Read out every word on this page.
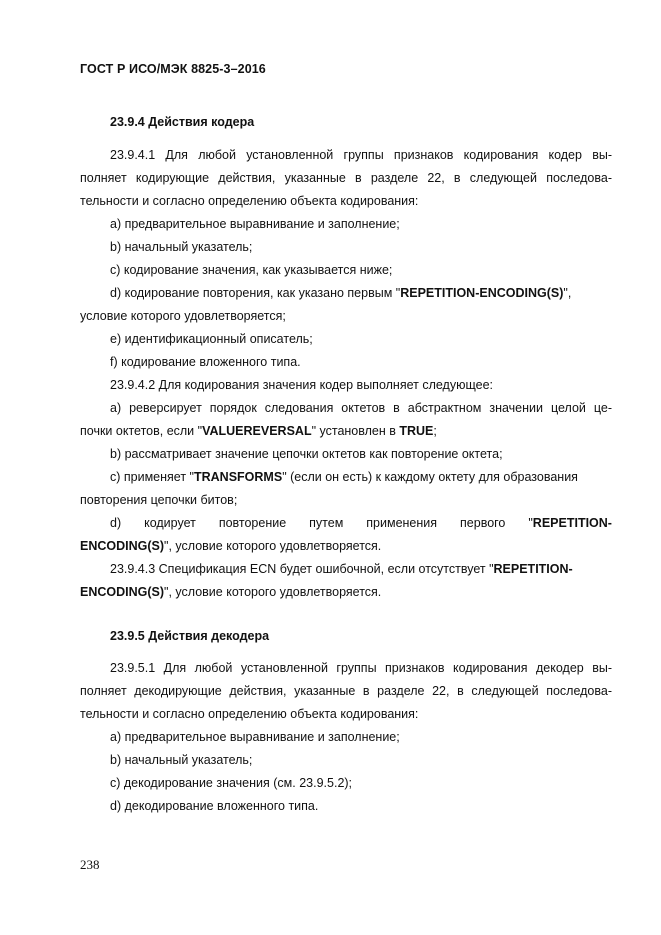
ГОСТ Р ИСО/МЭК 8825-3–2016
23.9.4 Действия кодера
23.9.4.1 Для любой установленной группы признаков кодирования кодер вы-
полняет кодирующие действия, указанные в разделе 22, в следующей последова-
тельности и согласно определению объекта кодирования:
a) предварительное выравнивание и заполнение;
b) начальный указатель;
c) кодирование значения, как указывается ниже;
d) кодирование повторения, как указано первым "REPETITION-ENCODING(S)",
условие которого удовлетворяется;
e) идентификационный описатель;
f) кодирование вложенного типа.
23.9.4.2 Для кодирования значения кодер выполняет следующее:
a) реверсирует порядок следования октетов в абстрактном значении целой це-
почки октетов, если "VALUEREVERSAL" установлен в TRUE;
b) рассматривает значение цепочки октетов как повторение октета;
c) применяет "TRANSFORMS" (если он есть) к каждому октету для образования
повторения цепочки битов;
d) кодирует повторение путем применения первого "REPETITION-
ENCODING(S)", условие которого удовлетворяется.
23.9.4.3 Спецификация ECN будет ошибочной, если отсутствует "REPETITION-
ENCODING(S)", условие которого удовлетворяется.
23.9.5 Действия декодера
23.9.5.1 Для любой установленной группы признаков кодирования декодер вы-
полняет декодирующие действия, указанные в разделе 22, в следующей последова-
тельности и согласно определению объекта кодирования:
a) предварительное выравнивание и заполнение;
b) начальный указатель;
c) декодирование значения (см. 23.9.5.2);
d) декодирование вложенного типа.
238
